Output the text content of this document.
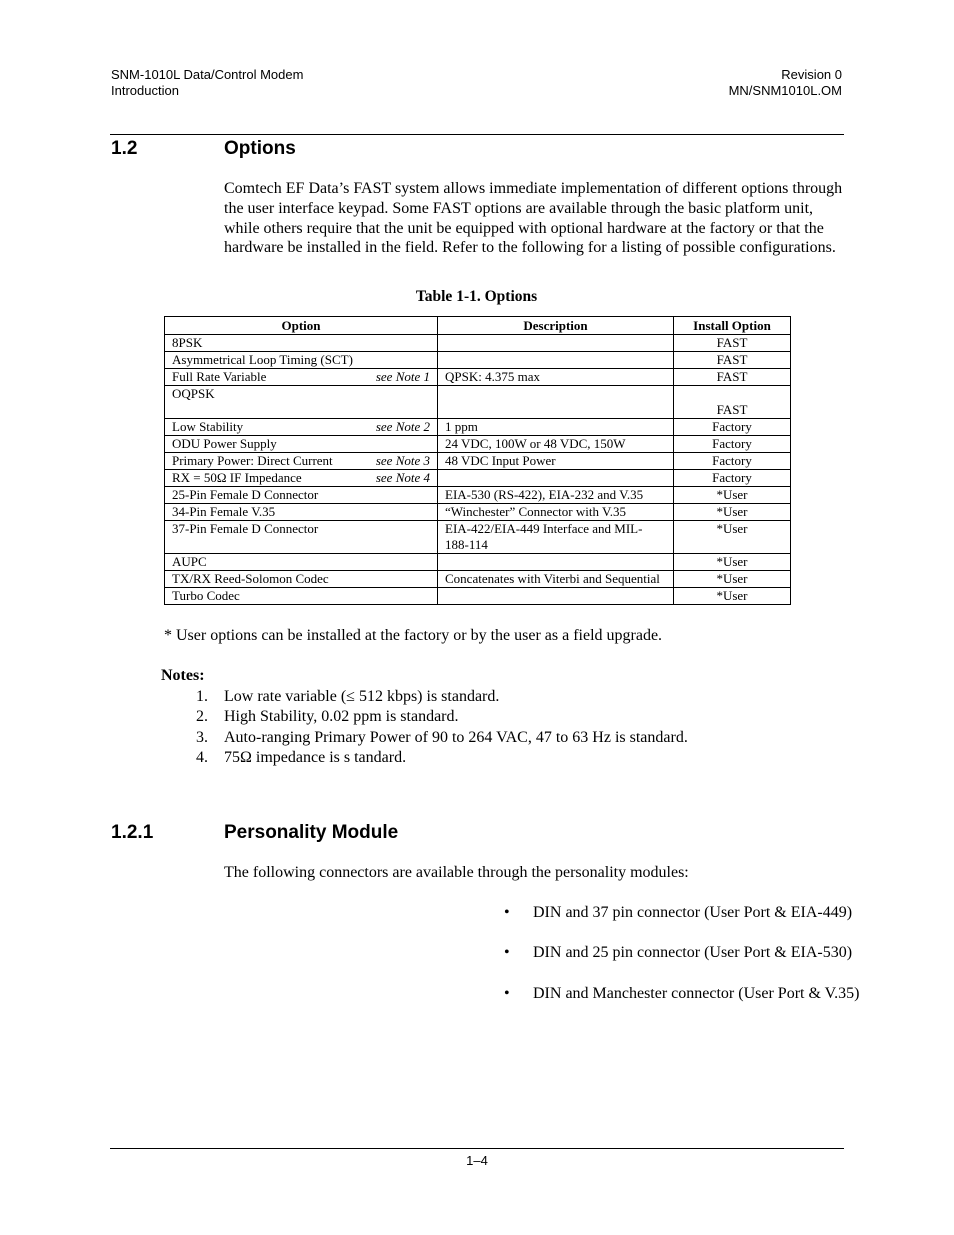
SNM-1010L Data/Control Modem
Introduction
Revision 0
MN/SNM1010L.OM
1.2	Options
Comtech EF Data’s FAST system allows immediate implementation of different options through the user interface keypad. Some FAST options are available through the basic platform unit, while others require that the unit be equipped with optional hardware at the factory or that the hardware be installed in the field. Refer to the following for a listing of possible configurations.
Table 1-1. Options
Option	Description	Install Option

8PSK		FAST

Asymmetrical Loop Timing (SCT)		FAST

Full Rate Variable see Note 1	QPSK: 4.375 max	FAST

OQPSK		FAST

Low Stability see Note 2	1 ppm	Factory

ODU Power Supply	24 VDC, 100W or 48 VDC, 150W	Factory

Primary Power: Direct Current see Note 3	48 VDC Input Power	Factory

RX = 50Ω IF Impedance see Note 4		Factory

25-Pin Female D Connector	EIA-530 (RS-422), EIA-232 and V.35	*User

34-Pin Female V.35	“Winchester” Connector with V.35	*User

37-Pin Female D Connector	EIA-422/EIA-449 Interface and MIL-188-114	*User

AUPC		*User

TX/RX Reed-Solomon Codec	Concatenates with Viterbi and Sequential	*User

Turbo Codec		*User
* User options can be installed at the factory or by the user as a field upgrade.
Notes:
1.	Low rate variable (≤ 512 kbps) is standard.
2.	High Stability, 0.02 ppm is standard.
3.	Auto-ranging Primary Power of 90 to 264 VAC, 47 to 63 Hz is standard.
4.	75Ω impedance is s tandard.
1.2.1	Personality Module
The following connectors are available through the personality modules:
•	DIN and 37 pin connector (User Port & EIA-449)
•	DIN and 25 pin connector (User Port & EIA-530)
•	DIN and Manchester connector (User Port & V.35)
1–4
